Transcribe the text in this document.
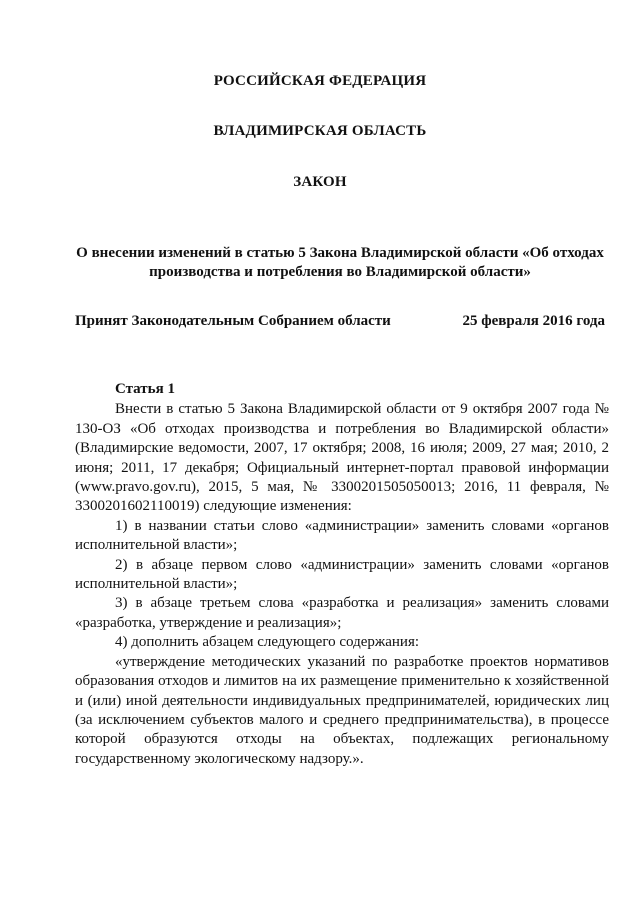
РОССИЙСКАЯ ФЕДЕРАЦИЯ
ВЛАДИМИРСКАЯ ОБЛАСТЬ
ЗАКОН
О внесении изменений в статью 5 Закона Владимирской области «Об отходах производства и потребления во Владимирской области»
Принят Законодательным Собранием области	25 февраля 2016 года

Статья 1

Внести в статью 5 Закона Владимирской области от 9 октября 2007 года № 130-ОЗ «Об отходах производства и потребления во Владимирской области» (Владимирские ведомости, 2007, 17 октября; 2008, 16 июля; 2009, 27 мая; 2010, 2 июня; 2011, 17 декабря; Официальный интернет-портал правовой информации (www.pravo.gov.ru), 2015, 5 мая, № 3300201505050013; 2016, 11 февраля, № 3300201602110019) следующие изменения:

1) в названии статьи слово «администрации» заменить словами «органов исполнительной власти»;

2) в абзаце первом слово «администрации» заменить словами «органов исполнительной власти»;

3) в абзаце третьем слова «разработка и реализация» заменить словами «разработка, утверждение и реализация»;

4) дополнить абзацем следующего содержания:

«утверждение методических указаний по разработке проектов нормативов образования отходов и лимитов на их размещение применительно к хозяйственной и (или) иной деятельности индивидуальных предпринимателей, юридических лиц (за исключением субъектов малого и среднего предпринимательства), в процессе которой образуются отходы на объектах, подлежащих региональному государственному экологическому надзору.».
